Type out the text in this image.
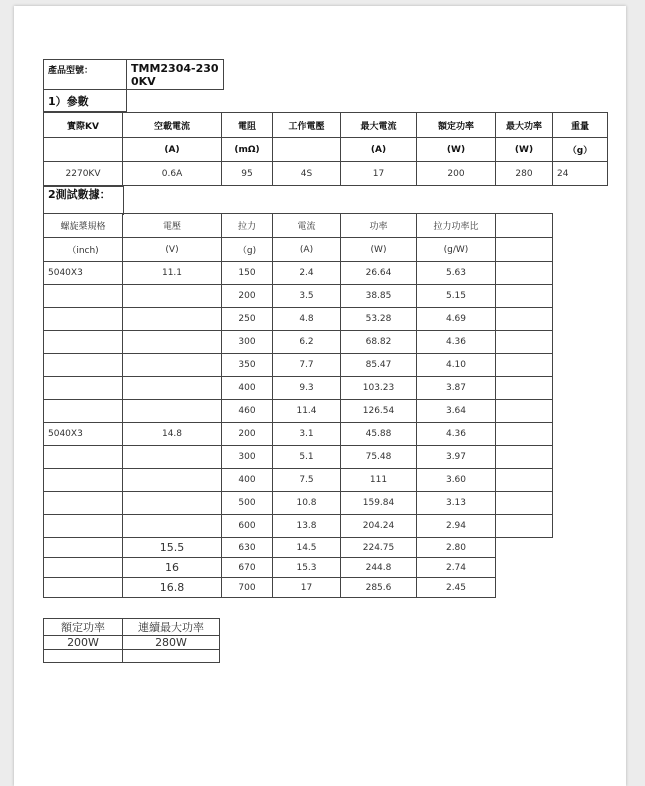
產品型號：	TMM2304-2300KV
1）參數	
實際KV	空載電流	電阻	工作電壓	最大電流	額定功率	最大功率	重量
	(A)	(mΩ)		(A)	(W)	(W)	（g）
2270KV	0.6A	95	4S	17	200	280	24
2測試數據：
螺旋槳規格	電壓	拉力	電流	功率	拉力功率比	
（inch)	(V)	（g)	(A)	(W)	(g/W)	
5040X3	11.1	150	2.4	26.64	5.63	
		200	3.5	38.85	5.15	
		250	4.8	53.28	4.69	
		300	6.2	68.82	4.36	
		350	7.7	85.47	4.10	
		400	9.3	103.23	3.87	
		460	11.4	126.54	3.64	
5040X3	14.8	200	3.1	45.88	4.36	
		300	5.1	75.48	3.97	
		400	7.5	111	3.60	
		500	10.8	159.84	3.13	
		600	13.8	204.24	2.94	
	15.5	630	14.5	224.75	2.80	
	16	670	15.3	244.8	2.74	
	16.8	700	17	285.6	2.45	
額定功率	連續最大功率
200W	280W
